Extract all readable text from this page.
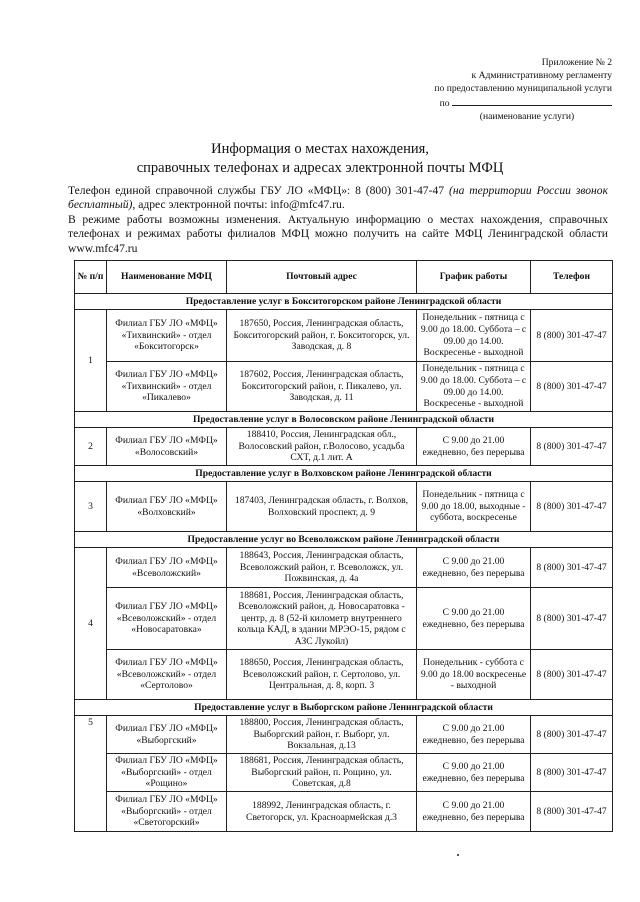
Приложение № 2
к Административному регламенту
по предоставлению муниципальной услуги
по
(наименование услуги)
Информация о местах нахождения,
справочных телефонах и адресах электронной почты МФЦ
Телефон единой справочной службы ГБУ ЛО «МФЦ»: 8 (800) 301-47-47 (на территории России звонок бесплатный), адрес электронной почты: info@mfc47.ru.
В режиме работы возможны изменения. Актуальную информацию о местах нахождения, справочных телефонах и режимах работы филиалов МФЦ можно получить на сайте МФЦ Ленинградской области www.mfc47.ru
№ п/п	Наименование МФЦ	Почтовый адрес	График работы	Телефон
Предоставление услуг в Бокситогорском районе Ленинградской области				
1	Филиал ГБУ ЛО «МФЦ» «Тихвинский» - отдел «Бокситогорск»	187650, Россия, Ленинградская область, Бокситогорский район, г. Бокситогорск, ул. Заводская, д. 8	Понедельник - пятница с 9.00 до 18.00. Суббота – с 09.00 до 14.00. Воскресенье - выходной	8 (800) 301-47-47
	Филиал ГБУ ЛО «МФЦ» «Тихвинский» - отдел «Пикалево»	187602, Россия, Ленинградская область, Бокситогорский район, г. Пикалево, ул. Заводская, д. 11	Понедельник - пятница с 9.00 до 18.00. Суббота – с 09.00 до 14.00. Воскресенье - выходной	8 (800) 301-47-47
Предоставление услуг в Волосовском районе Ленинградской области				
2	Филиал ГБУ ЛО «МФЦ» «Волосовский»	188410, Россия, Ленинградская обл., Волосовский район, г.Волосово, усадьба СХТ, д.1 лит. А	С 9.00 до 21.00 ежедневно, без перерыва	8 (800) 301-47-47
Предоставление услуг в Волховском районе Ленинградской области				
3	Филиал ГБУ ЛО «МФЦ» «Волховский»	187403, Ленинградская область, г. Волхов, Волховский проспект, д. 9	Понедельник - пятница с 9.00 до 18.00, выходные - суббота, воскресенье	8 (800) 301-47-47
Предоставление услуг во Всеволожском районе Ленинградской области				
4	Филиал ГБУ ЛО «МФЦ» «Всеволожский»	188643, Россия, Ленинградская область, Всеволожский район, г. Всеволожск, ул. Пожвинская, д. 4а	С 9.00 до 21.00 ежедневно, без перерыва	8 (800) 301-47-47
	Филиал ГБУ ЛО «МФЦ» «Всеволожский» - отдел «Новосаратовка»	188681, Россия, Ленинградская область, Всеволожский район, д. Новосаратовка - центр, д. 8 (52-й километр внутреннего кольца КАД, в здании МРЭО-15, рядом с АЗС Лукойл)	С 9.00 до 21.00 ежедневно, без перерыва	8 (800) 301-47-47
	Филиал ГБУ ЛО «МФЦ» «Всеволожский» - отдел «Сертолово»	188650, Россия, Ленинградская область, Всеволожский район, г. Сертолово, ул. Центральная, д. 8, корп. 3	Понедельник - суббота с 9.00 до 18.00 воскресенье - выходной	8 (800) 301-47-47
Предоставление услуг в Выборгском районе Ленинградской области				
5	Филиал ГБУ ЛО «МФЦ» «Выборгский»	188800, Россия, Ленинградская область, Выборгский район, г. Выборг, ул. Вокзальная, д.13	С 9.00 до 21.00 ежедневно, без перерыва	8 (800) 301-47-47
	Филиал ГБУ ЛО «МФЦ» «Выборгский» - отдел «Рощино»	188681, Россия, Ленинградская область, Выборгский район, п. Рощино, ул. Советская, д.8	С 9.00 до 21.00 ежедневно, без перерыва	8 (800) 301-47-47
	Филиал ГБУ ЛО «МФЦ» «Выборгский» - отдел «Светогорский»	188992, Ленинградская область, г. Светогорск, ул. Красноармейская д.3	С 9.00 до 21.00 ежедневно, без перерыва	8 (800) 301-47-47
